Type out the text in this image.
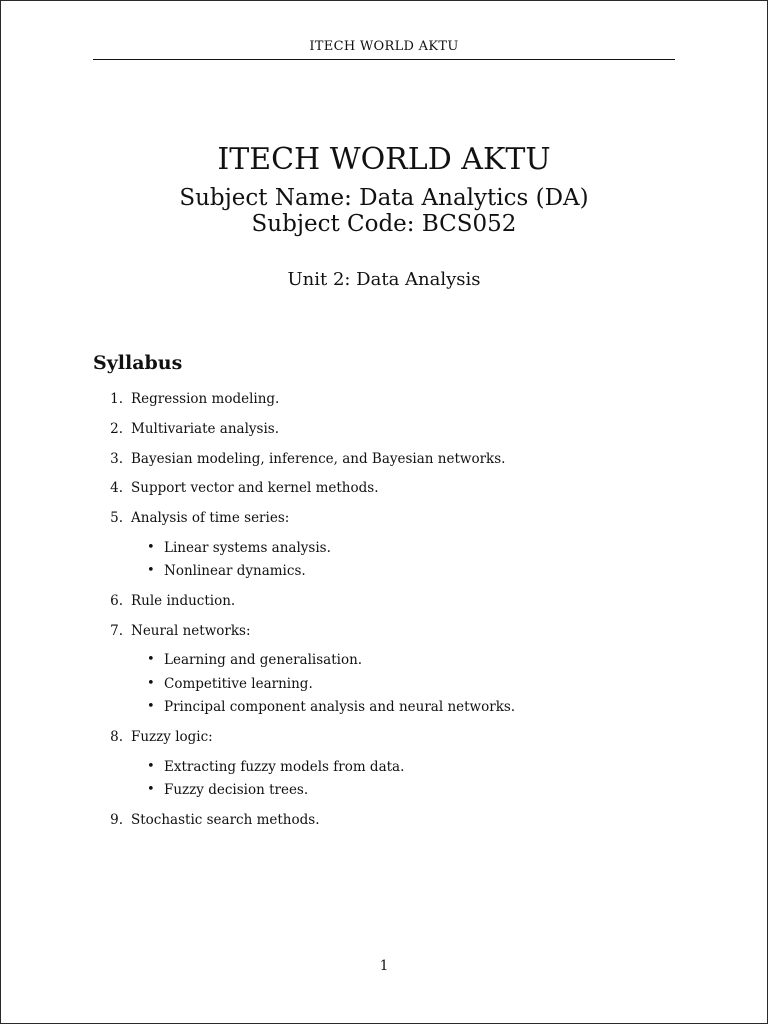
ITECH WORLD AKTU
ITECH WORLD AKTU
Subject Name: Data Analytics (DA)
Subject Code: BCS052
Unit 2: Data Analysis
Syllabus
1. Regression modeling.
2. Multivariate analysis.
3. Bayesian modeling, inference, and Bayesian networks.
4. Support vector and kernel methods.
5. Analysis of time series:
• Linear systems analysis.
• Nonlinear dynamics.
6. Rule induction.
7. Neural networks:
• Learning and generalisation.
• Competitive learning.
• Principal component analysis and neural networks.
8. Fuzzy logic:
• Extracting fuzzy models from data.
• Fuzzy decision trees.
9. Stochastic search methods.
1
